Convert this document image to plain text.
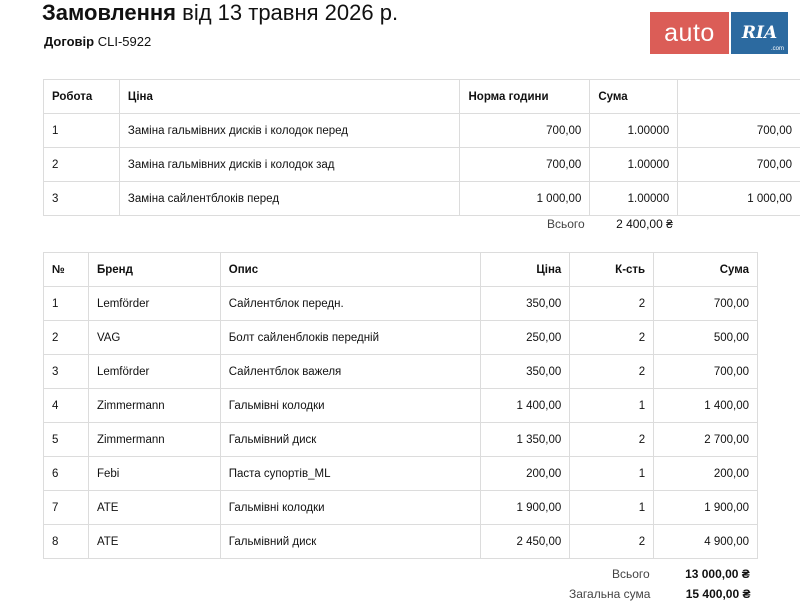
Замовлення від 13 травня 2026 р.
Договір CLI-5922	auto	RIA
.com
Робота	Ціна	Норма години	Сума	
1	Заміна гальмівних дисків і колодок перед	700,00	1.00000	700,00
2	Заміна гальмівних дисків і колодок зад	700,00	1.00000	700,00
3	Заміна сайлентблоків перед	1 000,00	1.00000	1 000,00
Всього	2 400,00 ₴
№	Бренд	Опис	Ціна	К-сть	Сума
1	Lemförder	Сайлентблок передн.	350,00	2	700,00
2	VAG	Болт сайленблоків передній	250,00	2	500,00
3	Lemförder	Сайлентблок важеля	350,00	2	700,00
4	Zimmermann	Гальмівні колодки	1 400,00	1	1 400,00
5	Zimmermann	Гальмівний диск	1 350,00	2	2 700,00
6	Febi	Паста супортів_ML	200,00	1	200,00
7	ATE	Гальмівні колодки	1 900,00	1	1 900,00
8	ATE	Гальмівний диск	2 450,00	2	4 900,00
Всього	13 000,00 ₴
Загальна сума	15 400,00 ₴
